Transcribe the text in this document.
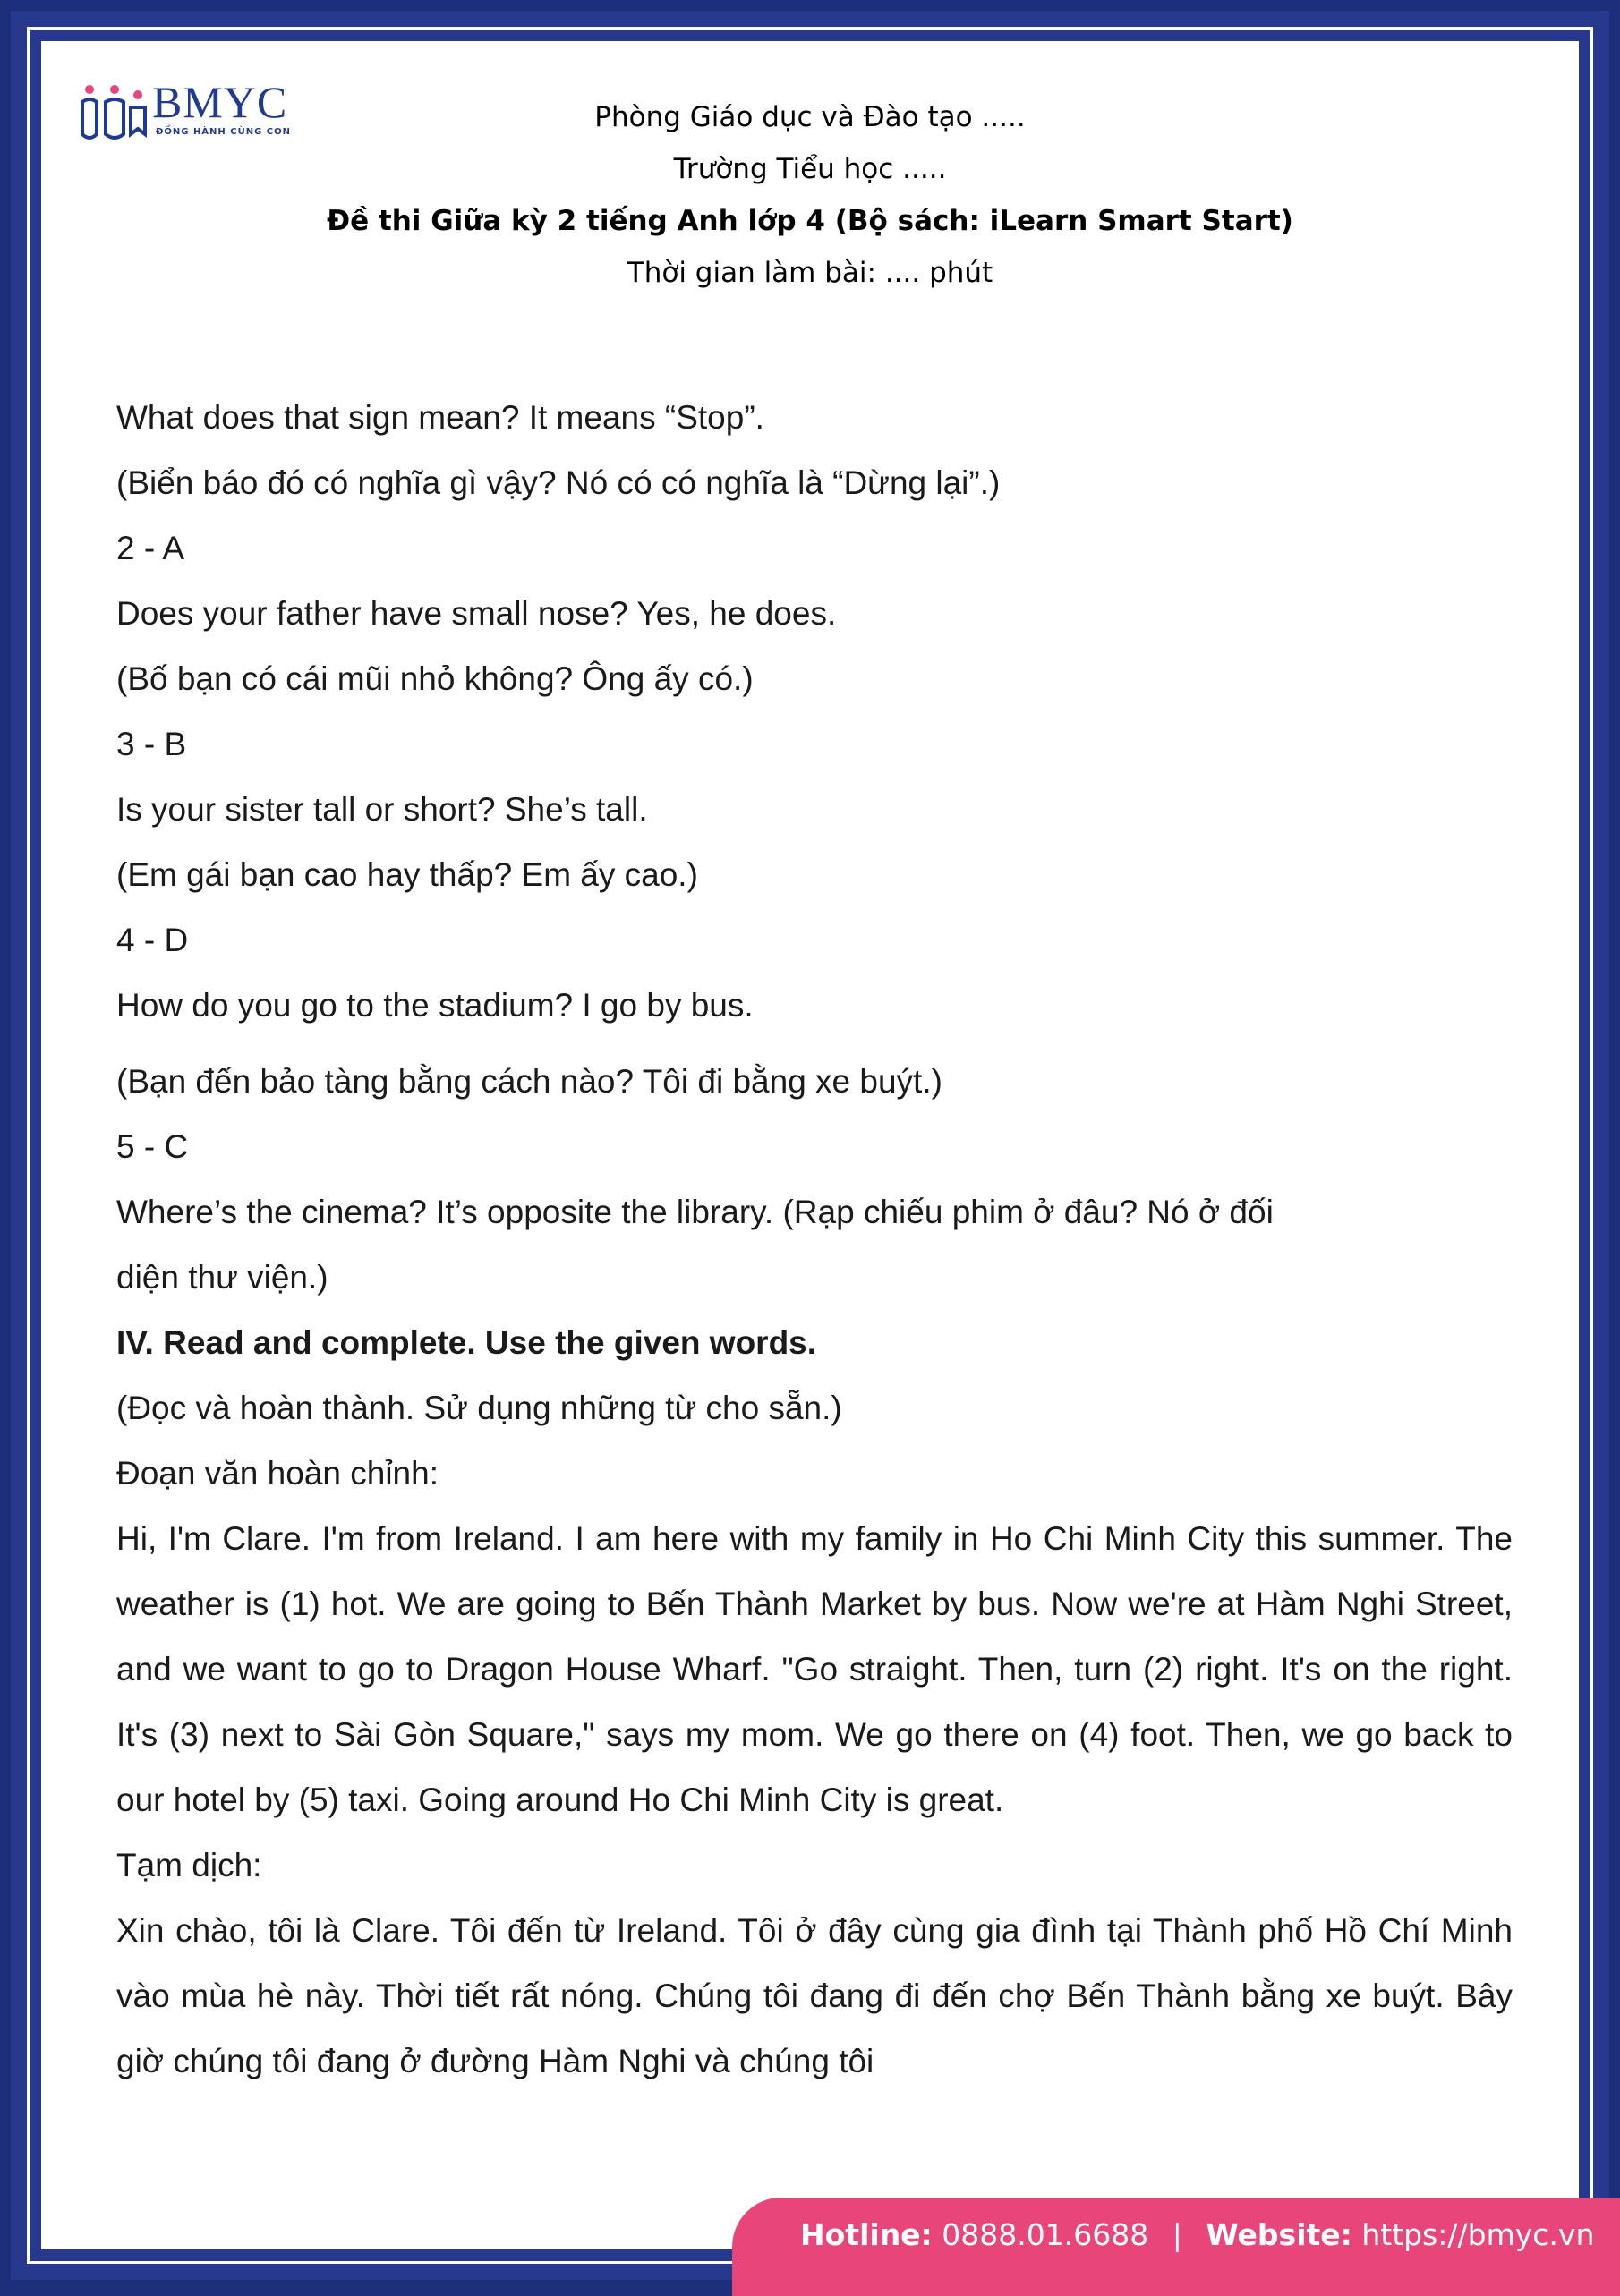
BMYC
ĐỒNG HÀNH CÙNG CON	Phòng Giáo dục và Đào tạo .....
Trường Tiểu học .....
Đề thi Giữa kỳ 2 tiếng Anh lớp 4 (Bộ sách: iLearn Smart Start)
Thời gian làm bài: .... phút
What does that sign mean? It means “Stop”.
(Biển báo đó có nghĩa gì vậy? Nó có có nghĩa là “Dừng lại”.)
2 - A
Does your father have small nose? Yes, he does.
(Bố bạn có cái mũi nhỏ không? Ông ấy có.)
3 - B
Is your sister tall or short? She’s tall.
(Em gái bạn cao hay thấp? Em ấy cao.)
4 - D
How do you go to the stadium? I go by bus.
(Bạn đến bảo tàng bằng cách nào? Tôi đi bằng xe buýt.)
5 - C
Where’s the cinema? It’s opposite the library. (Rạp chiếu phim ở đâu? Nó ở đối
diện thư viện.)
IV. Read and complete. Use the given words.
(Đọc và hoàn thành. Sử dụng những từ cho sẵn.)
Đoạn văn hoàn chỉnh:

Hi, I'm Clare. I'm from Ireland. I am here with my family in Ho Chi Minh City this summer. The weather is (1) hot. We are going to Bến Thành Market by bus. Now we're at Hàm Nghi Street, and we want to go to Dragon House Wharf. "Go straight. Then, turn (2) right. It's on the right. It's (3) next to Sài Gòn Square," says my mom. We go there on (4) foot. Then, we go back to our hotel by (5) taxi. Going around Ho Chi Minh City is great.

Tạm dịch:

Xin chào, tôi là Clare. Tôi đến từ Ireland. Tôi ở đây cùng gia đình tại Thành phố Hồ Chí Minh vào mùa hè này. Thời tiết rất nóng. Chúng tôi đang đi đến chợ Bến Thành bằng xe buýt. Bây giờ chúng tôi đang ở đường Hàm Nghi và chúng tôi

Hotline: 0888.01.6688 | Website: https://bmyc.vn
